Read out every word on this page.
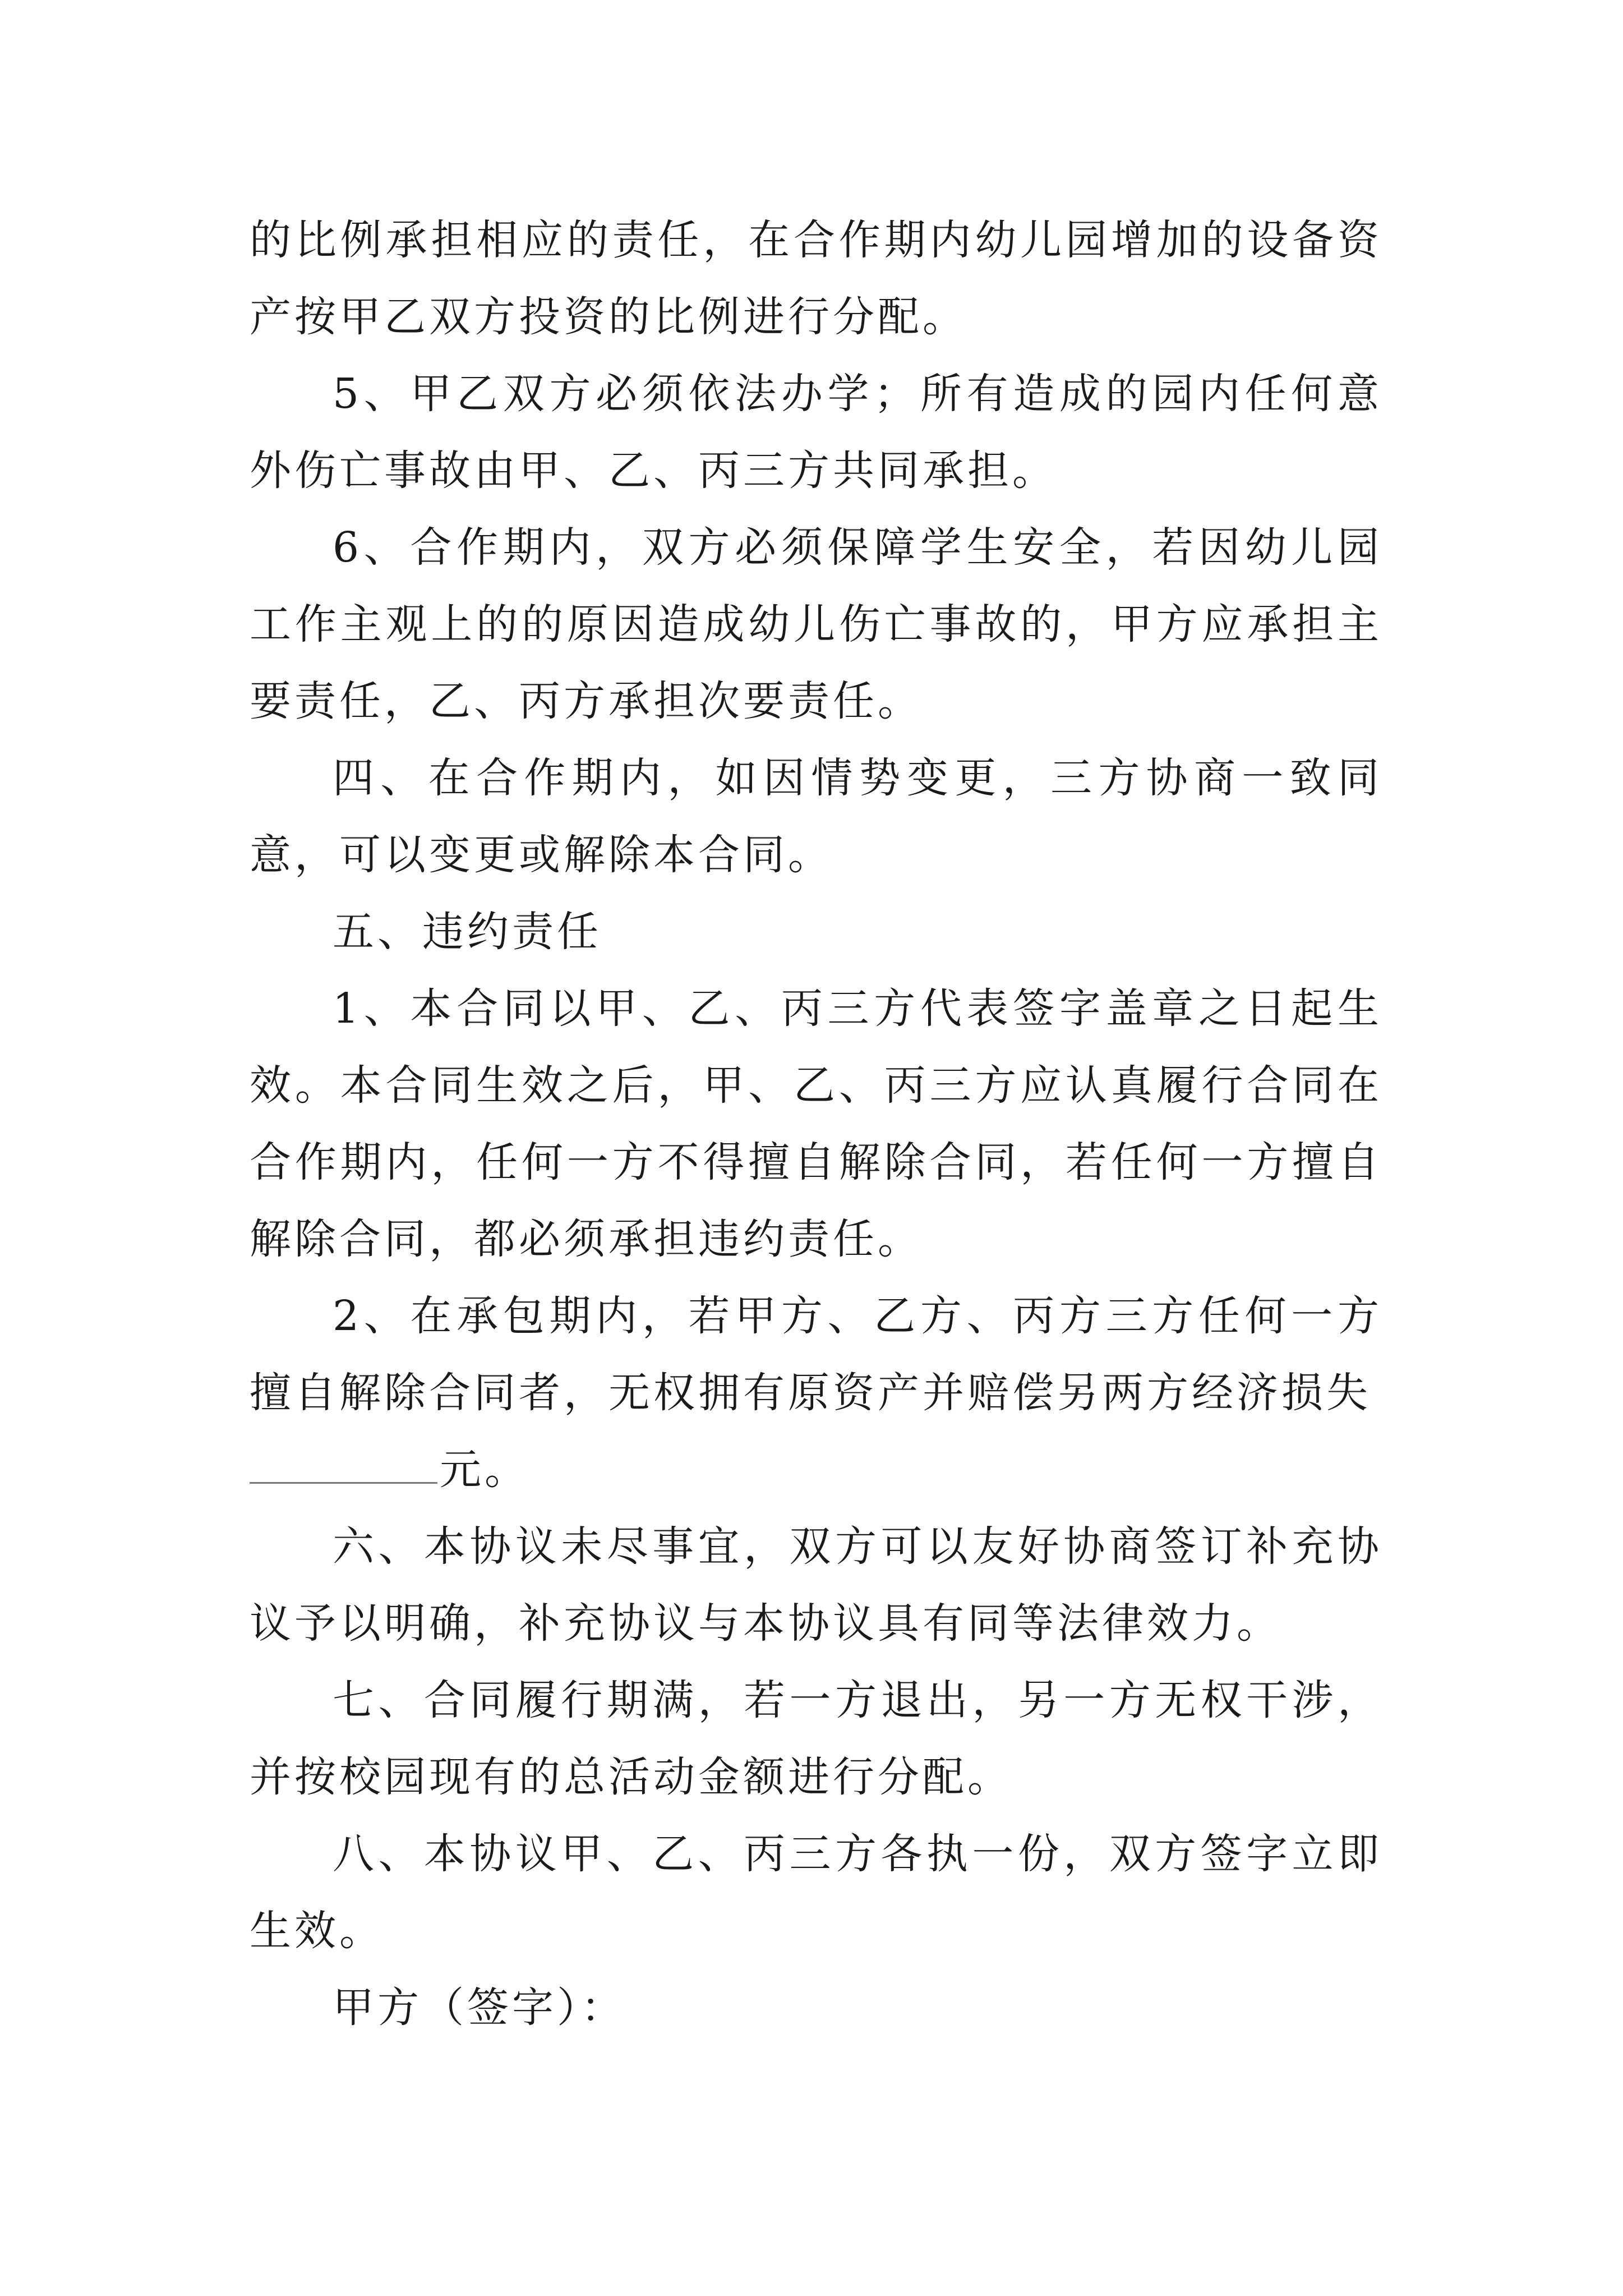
的比例承担相应的责任，在合作期内幼儿园增加的设备资产按甲乙双方投资的比例进行分配。

5、甲乙双方必须依法办学；所有造成的园内任何意外伤亡事故由甲、乙、丙三方共同承担。

6、合作期内，双方必须保障学生安全，若因幼儿园工作主观上的的原因造成幼儿伤亡事故的，甲方应承担主要责任，乙、丙方承担次要责任。

四、在合作期内，如因情势变更，三方协商一致同意，可以变更或解除本合同。

五、违约责任

1、本合同以甲、乙、丙三方代表签字盖章之日起生效。本合同生效之后，甲、乙、丙三方应认真履行合同在合作期内，任何一方不得擅自解除合同，若任何一方擅自解除合同，都必须承担违约责任。

2、在承包期内，若甲方、乙方、丙方三方任何一方擅自解除合同者，无权拥有原资产并赔偿另两方经济损失

元。

六、本协议未尽事宜，双方可以友好协商签订补充协议予以明确，补充协议与本协议具有同等法律效力。

七、合同履行期满，若一方退出，另一方无权干涉，并按校园现有的总活动金额进行分配。

八、本协议甲、乙、丙三方各执一份，双方签字立即生效。

甲方（签字）：
